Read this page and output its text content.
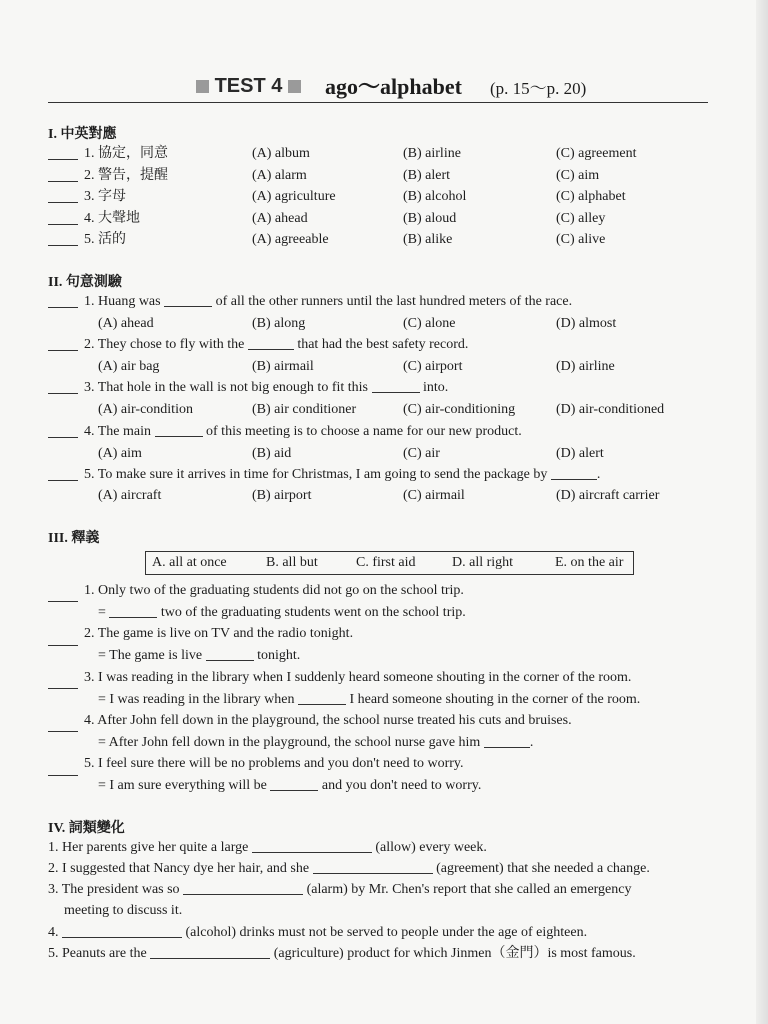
TEST 4	ago～alphabet (p. 15～p. 20)
I. 中英對應
1. 協定，同意	(A) album	(B) airline	(C) agreement
2. 警告，提醒	(A) alarm	(B) alert	(C) aim
3. 字母	(A) agriculture	(B) alcohol	(C) alphabet
4. 大聲地	(A) ahead	(B) aloud	(C) alley
5. 活的	(A) agreeable	(B) alike	(C) alive
II. 句意測驗
1. Huang was	of all the other runners until the last hundred meters of the race.
(A) ahead	(B) along	(C) alone	(D) almost
2. They chose to fly with the	that had the best safety record.
(A) air bag	(B) airmail	(C) airport	(D) airline
3. That hole in the wall is not big enough to fit this	into.
(A) air-condition	(B) air conditioner	(C) air-conditioning	(D) air-conditioned
4. The main	of this meeting is to choose a name for our new product.
(A) aim	(B) aid	(C) air	(D) alert
5. To make sure it arrives in time for Christmas, I am going to send the package by	.
(A) aircraft	(B) airport	(C) airmail	(D) aircraft carrier
III. 釋義
A. all at once	B. all but	C. first aid	D. all right	E. on the air
1. Only two of the graduating students did not go on the school trip.
=	two of the graduating students went on the school trip.
2. The game is live on TV and the radio tonight.
= The game is live	tonight.
3. I was reading in the library when I suddenly heard someone shouting in the corner of the room.
= I was reading in the library when	I heard someone shouting in the corner of the room.
4. After John fell down in the playground, the school nurse treated his cuts and bruises.
= After John fell down in the playground, the school nurse gave him	.
5. I feel sure there will be no problems and you don't need to worry.
= I am sure everything will be	and you don't need to worry.
IV. 詞類變化
1. Her parents give her quite a large	(allow) every week.
2. I suggested that Nancy dye her hair, and she	(agreement) that she needed a change.
3. The president was so	(alarm) by Mr. Chen's report that she called an emergency
meeting to discuss it.
4.	(alcohol) drinks must not be served to people under the age of eighteen.
5. Peanuts are the	(agriculture) product for which Jinmen（金門）is most famous.
